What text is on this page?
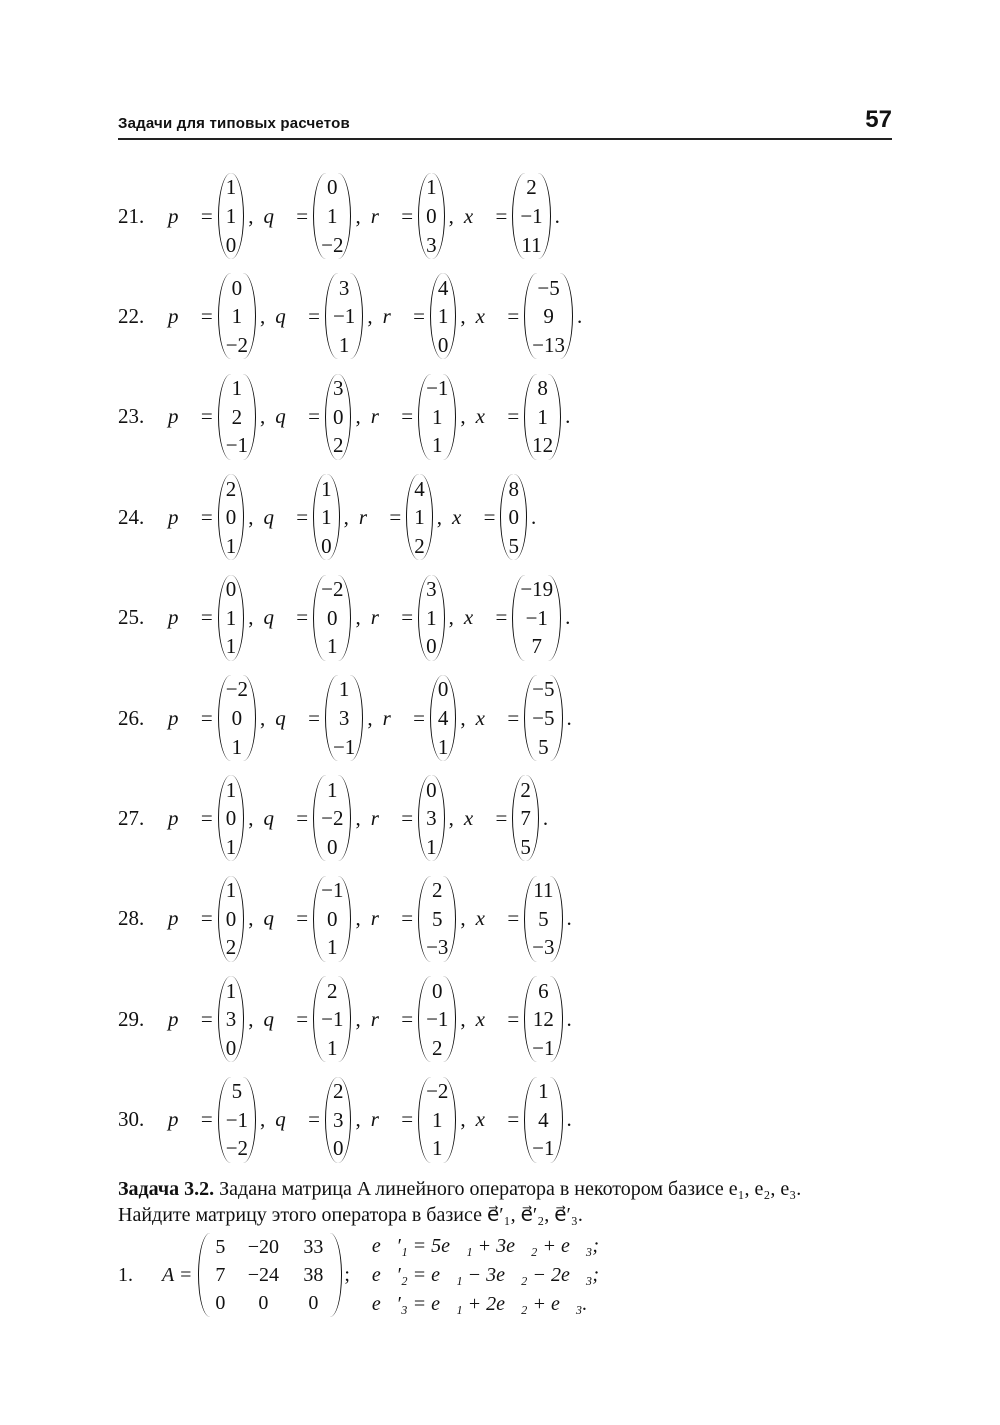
Задачи для типовых расчетов	57
21.	p⃗ =
1
1
0
, q⃗ =
0
1
−2
, r⃗ =
1
0
3
, x⃗ =
2
−1
11
.
22.	p⃗ =
0
1
−2
, q⃗ =
3
−1
1
, r⃗ =
4
1
0
, x⃗ =
−5
9
−13
.
23.	p⃗ =
1
2
−1
, q⃗ =
3
0
2
, r⃗ =
−1
1
1
, x⃗ =
8
1
12
.
24.	p⃗ =
2
0
1
, q⃗ =
1
1
0
, r⃗ =
4
1
2
, x⃗ =
8
0
5
.
25.	p⃗ =
0
1
1
, q⃗ =
−2
0
1
, r⃗ =
3
1
0
, x⃗ =
−19
−1
7
.
26.	p⃗ =
−2
0
1
, q⃗ =
1
3
−1
, r⃗ =
0
4
1
, x⃗ =
−5
−5
5
.
27.	p⃗ =
1
0
1
, q⃗ =
1
−2
0
, r⃗ =
0
3
1
, x⃗ =
2
7
5
.
28.	p⃗ =
1
0
2
, q⃗ =
−1
0
1
, r⃗ =
2
5
−3
, x⃗ =
11
5
−3
.
29.	p⃗ =
1
3
0
, q⃗ =
2
−1
1
, r⃗ =
0
−1
2
, x⃗ =
6
12
−1
.
30.	p⃗ =
5
−1
−2
, q⃗ =
2
3
0
, r⃗ =
−2
1
1
, x⃗ =
1
4
−1
.
Задача 3.2. Задана матрица A линейного оператора в некотором базисе e₁, e₂, e₃.
Найдите матрицу этого оператора в базисе e⃗′₁, e⃗′₂, e⃗′₃.
1.	A =
5	−20	33
7	−24	38
0	0	0
;
e⃗′₁ = 5e⃗₁ + 3e⃗₂ + e⃗₃;
e⃗′₂ = e⃗₁ − 3e⃗₂ − 2e⃗₃;
e⃗′₃ = e⃗₁ + 2e⃗₂ + e⃗₃.
